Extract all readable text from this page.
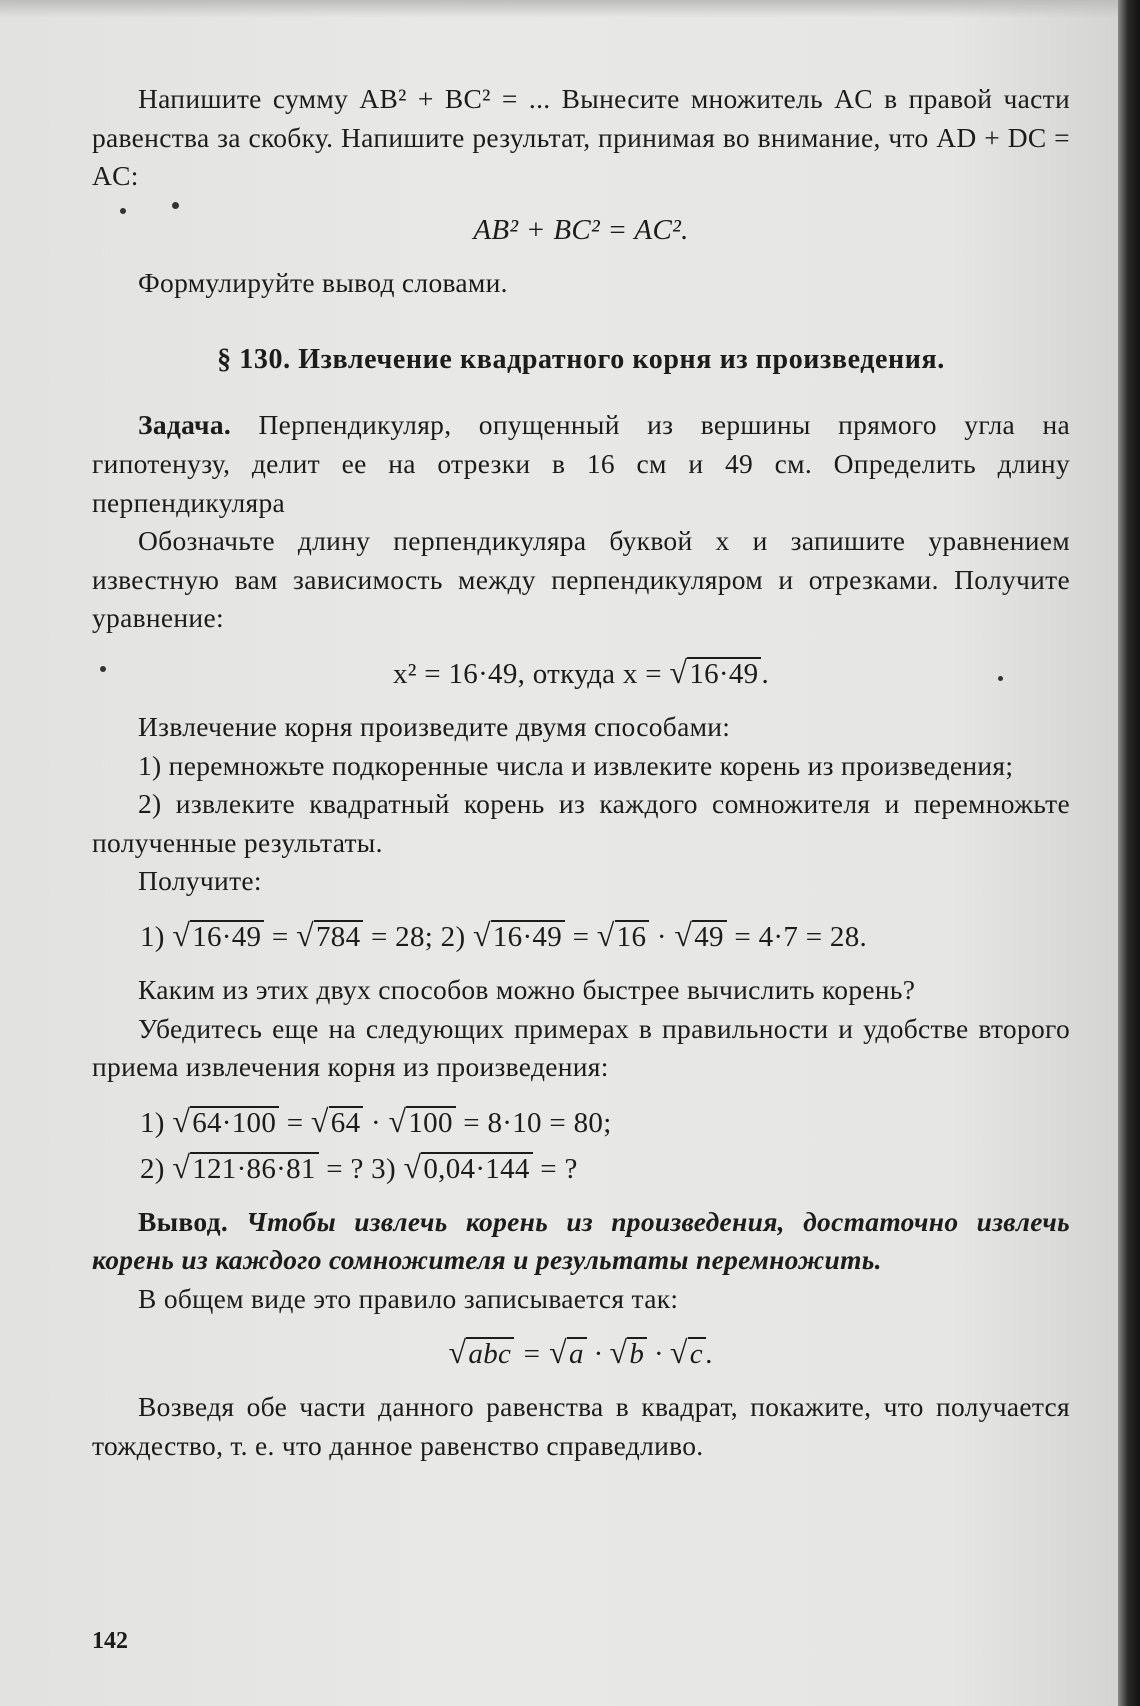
Напишите сумму AB² + BC² = ... Вынесите множитель AC в правой части равенства за скобку. Напишите результат, принимая во внимание, что AD + DC = AC:

AB² + BC² = AC².

Формулируйте вывод словами.

§ 130. Извлечение квадратного корня из произведения.

Задача. Перпендикуляр, опущенный из вершины прямого угла на гипотенузу, делит ее на отрезки в 16 см и 49 см. Определить длину перпендикуляра

Обозначьте длину перпендикуляра буквой x и запишите уравнением известную вам зависимость между перпендикуляром и отрезками. Получите уравнение:

x² = 16·49, откуда x = √16·49 .

Извлечение корня произведите двумя способами:

1) перемножьте подкоренные числа и извлеките корень из произведения;

2) извлеките квадратный корень из каждого сомножителя и перемножьте полученные результаты.

Получите:

1) √16·49 = √784 = 28; 2) √16·49 = √16 · √49 = 4·7 = 28.

Каким из этих двух способов можно быстрее вычислить корень?

Убедитесь еще на следующих примерах в правильности и удобстве второго приема извлечения корня из произведения:

1) √64·100 = √64 · √100 = 8·10 = 80;

2) √121·86·81 = ? 3) √0,04·144 = ?

Вывод. Чтобы извлечь корень из произведения, достаточно извлечь корень из каждого сомножителя и результаты перемножить.

В общем виде это правило записывается так:

√abc = √a · √b · √c .

Возведя обе части данного равенства в квадрат, покажите, что получается тождество, т. е. что данное равенство справедливо.

142
